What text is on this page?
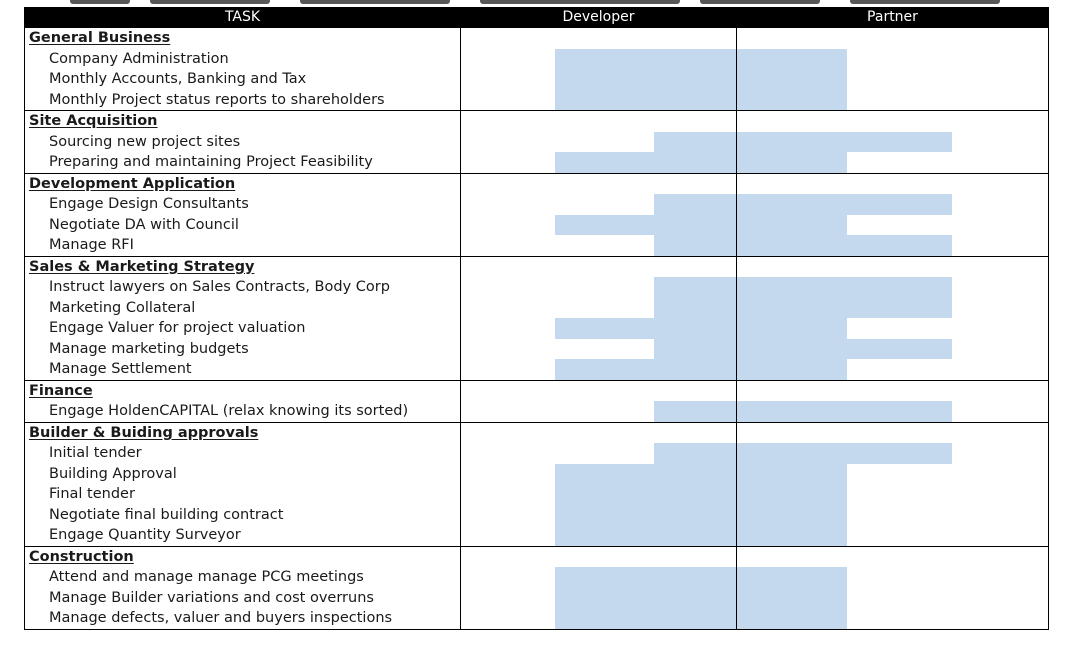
TASK	Developer	Partner
General Business		
Company Administration	

Monthly Accounts, Banking and Tax	

Monthly Project status reports to shareholders	

Site Acquisition		
Sourcing new project sites	

Preparing and maintaining Project Feasibility	

Development Application		
Engage Design Consultants	

Negotiate DA with Council	

Manage RFI	

Sales & Marketing Strategy		
Instruct lawyers on Sales Contracts, Body Corp	

Marketing Collateral	

Engage Valuer for project valuation	

Manage marketing budgets	

Manage Settlement	

Finance		
Engage HoldenCAPITAL (relax knowing its sorted)	

Builder & Buiding approvals		
Initial tender	

Building Approval	

Final tender	

Negotiate final building contract	

Engage Quantity Surveyor	

Construction		
Attend and manage manage PCG meetings	

Manage Builder variations and cost overruns	

Manage defects, valuer and buyers inspections	
